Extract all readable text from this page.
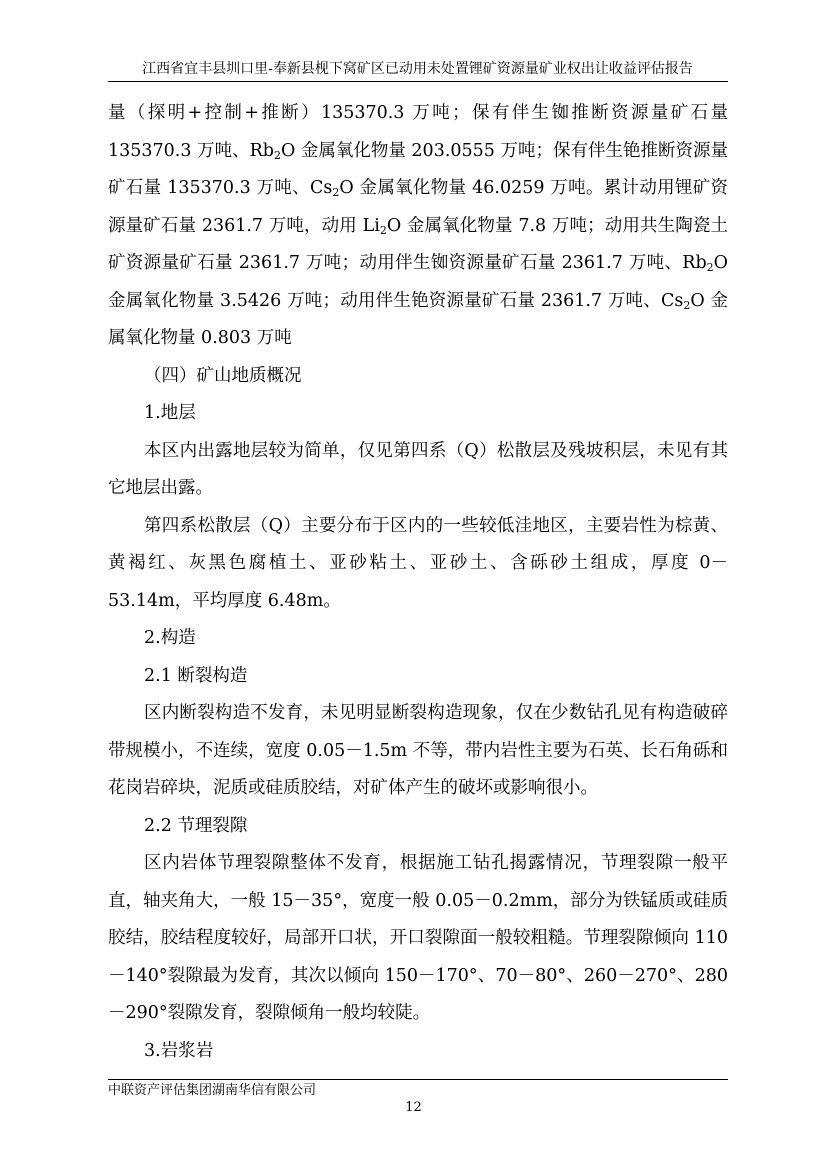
江西省宜丰县圳口里-奉新县枧下窝矿区已动用未处置锂矿资源量矿业权出让收益评估报告

量（探明+控制+推断）135370.3 万吨；保有伴生铷推断资源量矿石量 135370.3 万吨、$Rb_2O$ 金属氧化物量 203.0555 万吨；保有伴生铯推断资源量矿石量 135370.3 万吨、$Cs_2O$ 金属氧化物量 46.0259 万吨。累计动用锂矿资源量矿石量 2361.7 万吨，动用 $Li_2O$ 金属氧化物量 7.8 万吨；动用共生陶瓷土矿资源量矿石量 2361.7 万吨；动用伴生铷资源量矿石量 2361.7 万吨、$Rb_2O$ 金属氧化物量 3.5426 万吨；动用伴生铯资源量矿石量 2361.7 万吨、$Cs_2O$ 金属氧化物量 0.803 万吨

（四）矿山地质概况

1.地层

本区内出露地层较为简单，仅见第四系（Q）松散层及残坡积层，未见有其它地层出露。

第四系松散层（Q）主要分布于区内的一些较低洼地区，主要岩性为棕黄、黄褐红、灰黑色腐植土、亚砂粘土、亚砂土、含砾砂土组成，厚度 0－53.14m，平均厚度 6.48m。

2.构造

2.1 断裂构造

区内断裂构造不发育，未见明显断裂构造现象，仅在少数钻孔见有构造破碎带规模小，不连续，宽度 0.05－1.5m 不等，带内岩性主要为石英、长石角砾和花岗岩碎块，泥质或硅质胶结，对矿体产生的破坏或影响很小。

2.2 节理裂隙

区内岩体节理裂隙整体不发育，根据施工钻孔揭露情况，节理裂隙一般平直，轴夹角大，一般 15－35°，宽度一般 0.05－0.2mm，部分为铁锰质或硅质胶结，胶结程度较好，局部开口状，开口裂隙面一般较粗糙。节理裂隙倾向 110－140°裂隙最为发育，其次以倾向 150－170°、70－80°、260－270°、280－290°裂隙发育，裂隙倾角一般均较陡。

3.岩浆岩

中联资产评估集团湖南华信有限公司
12
